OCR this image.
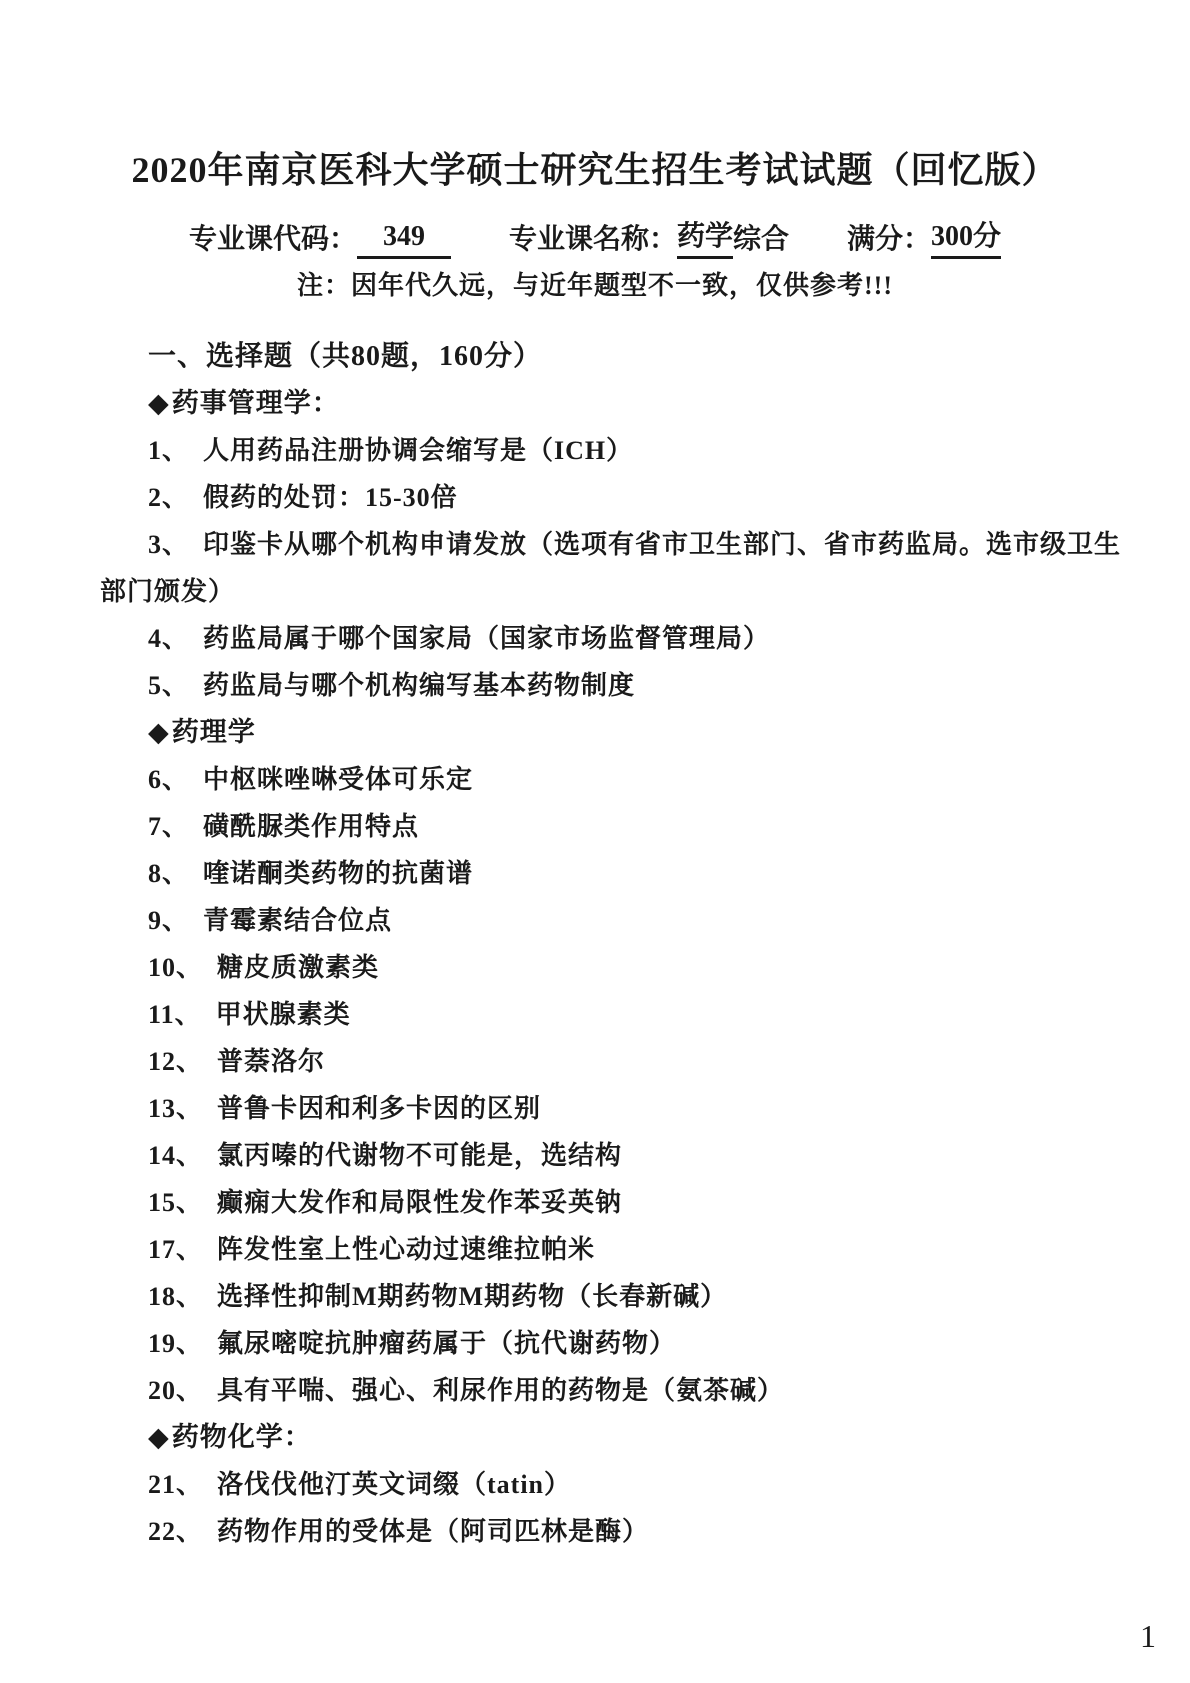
2020年南京医科大学硕士研究生招生考试试题（回忆版）
专业课代码： 349	专业课名称： 药学 综合 满分： 300分
注：因年代久远，与近年题型不一致，仅供参考!!!

一、选择题（共80题，160分）

◆药事管理学：

1、 人用药品注册协调会缩写是（ICH）

2、 假药的处罚：15-30倍

3、 印鉴卡从哪个机构申请发放（选项有省市卫生部门、省市药监局。选市级卫生

部门颁发）

4、 药监局属于哪个国家局（国家市场监督管理局）

5、 药监局与哪个机构编写基本药物制度

◆药理学

6、 中枢咪唑啉受体可乐定

7、 磺酰脲类作用特点

8、 喹诺酮类药物的抗菌谱

9、 青霉素结合位点

10、 糖皮质激素类

11、 甲状腺素类

12、 普萘洛尔

13、 普鲁卡因和利多卡因的区别

14、 氯丙嗪的代谢物不可能是，选结构

15、 癫痫大发作和局限性发作苯妥英钠

17、 阵发性室上性心动过速维拉帕米

18、 选择性抑制M期药物M期药物（长春新碱）

19、 氟尿嘧啶抗肿瘤药属于（抗代谢药物）

20、 具有平喘、强心、利尿作用的药物是（氨茶碱）

◆药物化学：

21、 洛伐伐他汀英文词缀（tatin）

22、 药物作用的受体是（阿司匹林是酶）

1
